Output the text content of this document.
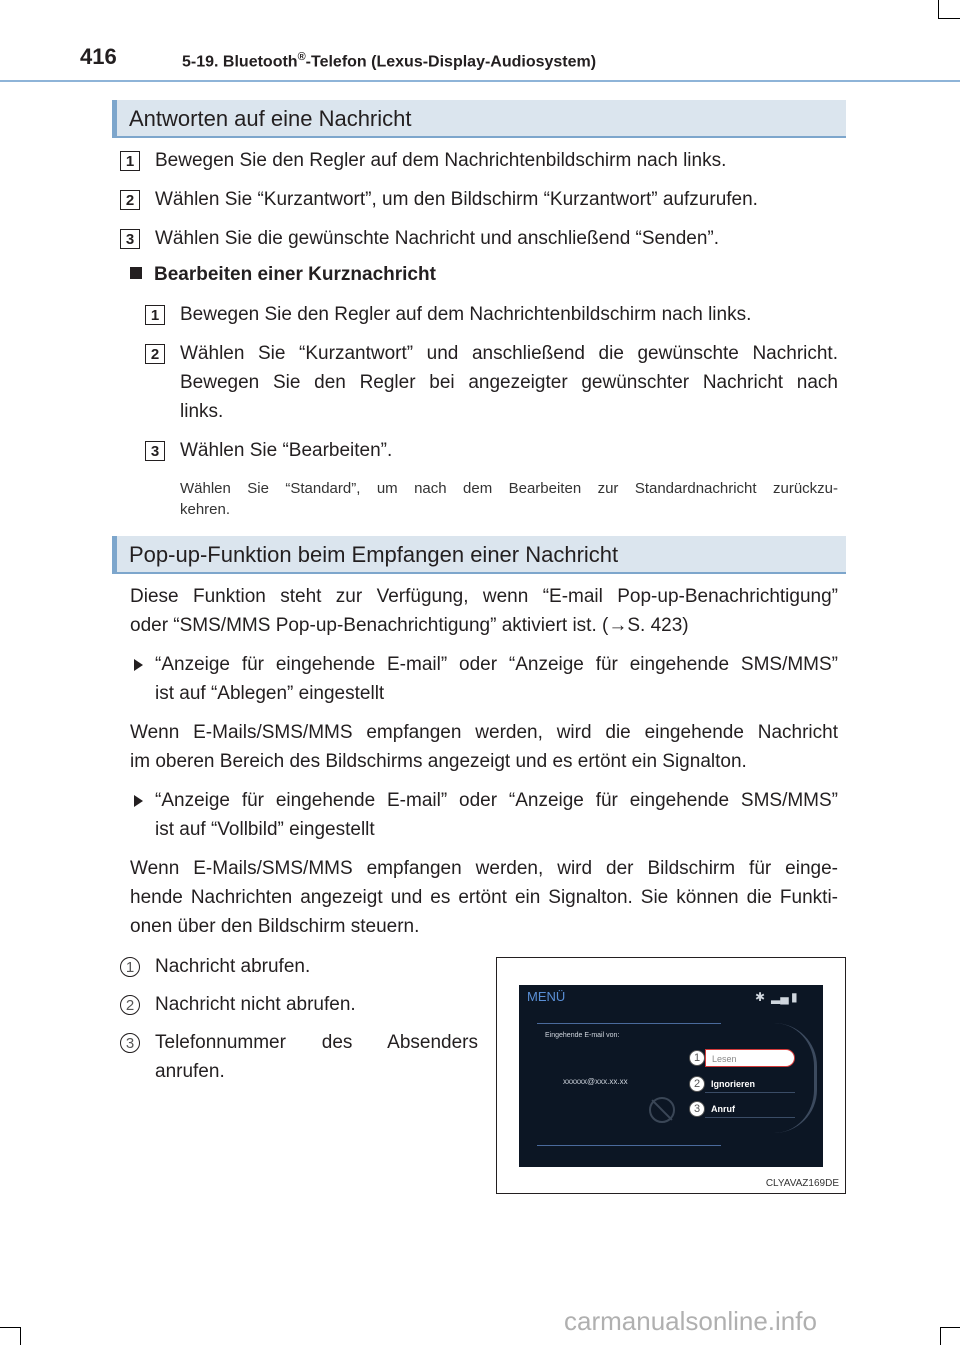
416	5-19. Bluetooth®-Telefon (Lexus-Display-Audiosystem)
Antworten auf eine Nachricht
1	Bewegen Sie den Regler auf dem Nachrichtenbildschirm nach links.
2	Wählen Sie “Kurzantwort”, um den Bildschirm “Kurzantwort” aufzurufen.
3	Wählen Sie die gewünschte Nachricht und anschließend “Senden”.
Bearbeiten einer Kurznachricht
1	Bewegen Sie den Regler auf dem Nachrichtenbildschirm nach links.
2	Wählen Sie “Kurzantwort” und anschließend die gewünschte Nachricht.
Bewegen Sie den Regler bei angezeigter gewünschter Nachricht nach
links.
3	Wählen Sie “Bearbeiten”.
Wählen Sie “Standard”, um nach dem Bearbeiten zur Standardnachricht zurückzu-
kehren.
Pop-up-Funktion beim Empfangen einer Nachricht
Diese Funktion steht zur Verfügung, wenn “E-mail Pop-up-Benachrichtigung”
oder “SMS/MMS Pop-up-Benachrichtigung” aktiviert ist. (→S. 423)
“Anzeige für eingehende E-mail” oder “Anzeige für eingehende SMS/MMS”
ist auf “Ablegen” eingestellt
Wenn E-Mails/SMS/MMS empfangen werden, wird die eingehende Nachricht
im oberen Bereich des Bildschirms angezeigt und es ertönt ein Signalton.
“Anzeige für eingehende E-mail” oder “Anzeige für eingehende SMS/MMS”
ist auf “Vollbild” eingestellt
Wenn E-Mails/SMS/MMS empfangen werden, wird der Bildschirm für einge-
hende Nachrichten angezeigt und es ertönt ein Signalton. Sie können die Funkti-
onen über den Bildschirm steuern.
1	Nachricht abrufen.
2	Nachricht nicht abrufen.
3	Telefonnummer des Absenders
anrufen.
MENÜ	✱ ▂▄ ▮
Eingehende E-mail von:
xxxxxx@xxx.xx.xx
Lesen
1
Ignorieren
2
Anruf
3
CLYAVAZ169DE
carmanualsonline.info
